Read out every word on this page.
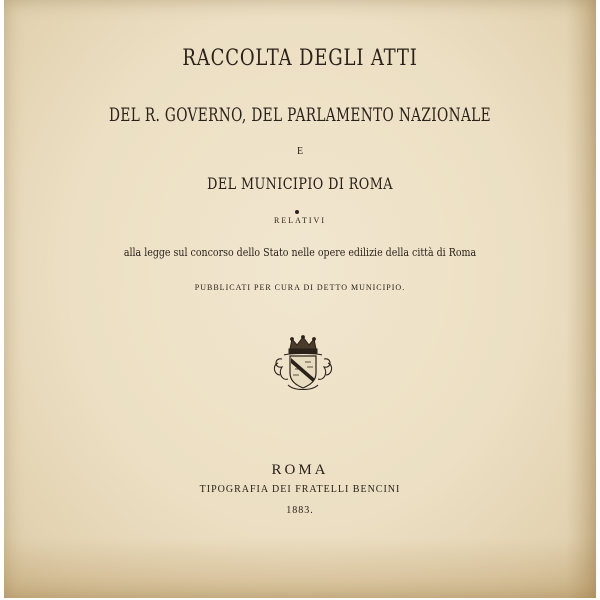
RACCOLTA DEGLI ATTI
DEL R. GOVERNO, DEL PARLAMENTO NAZIONALE
E
DEL MUNICIPIO DI ROMA
RELATIVI
alla legge sul concorso dello Stato nelle opere edilizie della città di Roma
PUBBLICATI PER CURA DI DETTO MUNICIPIO.
ROMA
TIPOGRAFIA DEI FRATELLI BENCINI
1883.
